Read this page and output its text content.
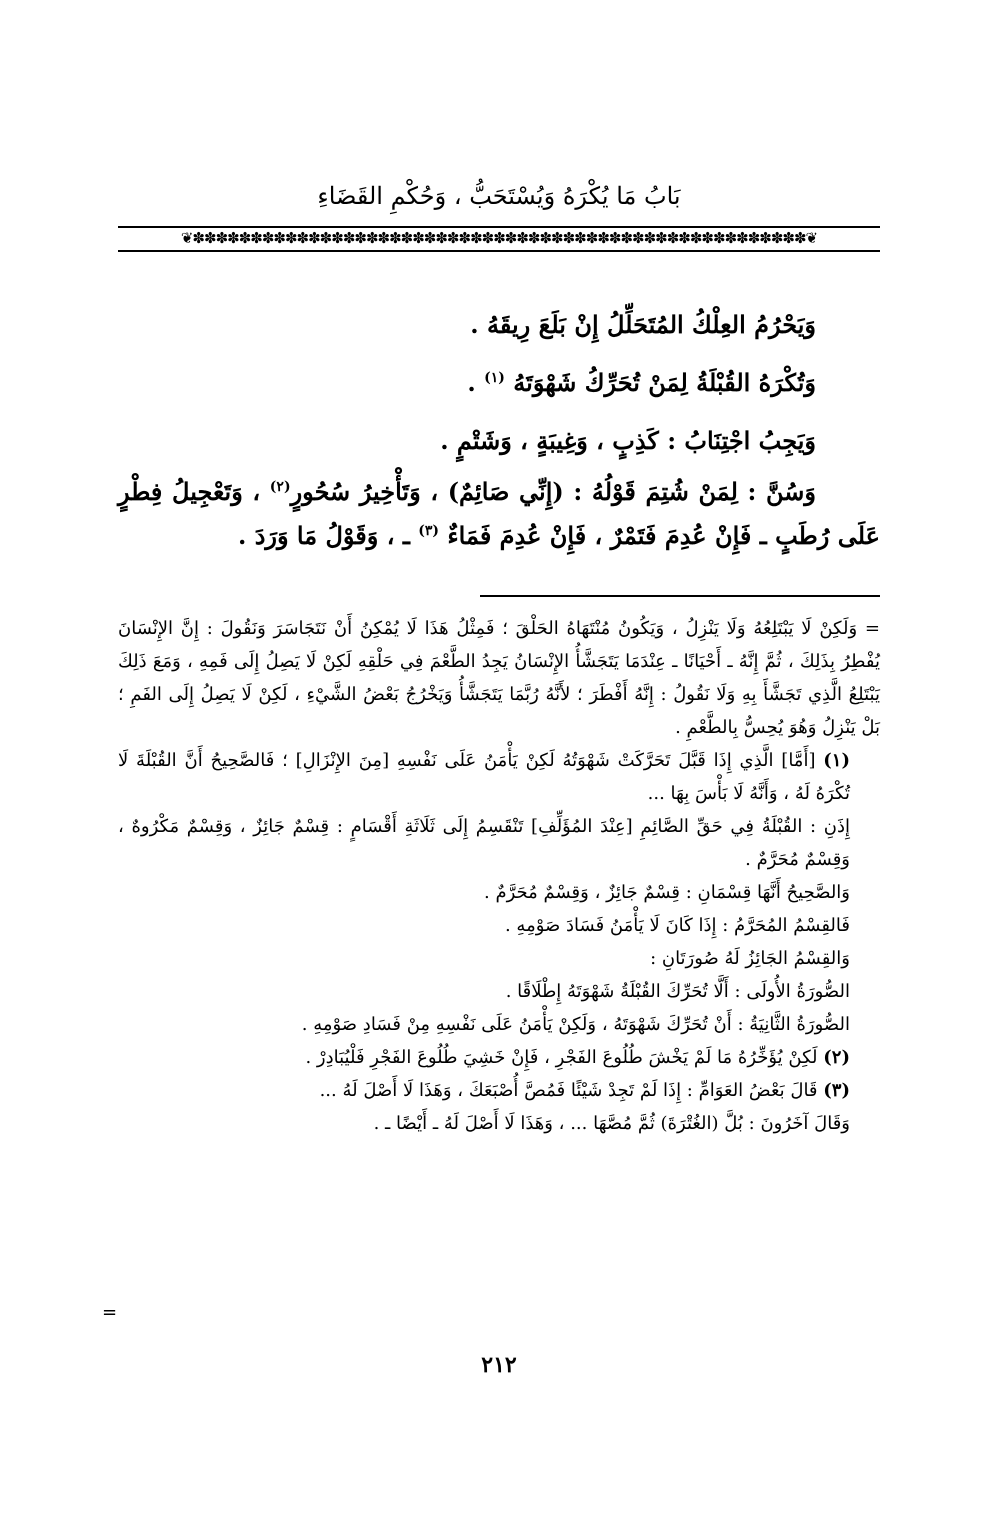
بَابُ مَا يُكْرَهُ وَيُسْتَحَبُّ ، وَحُكْمِ القَضَاءِ
❦✽✽✽✽✽✽✽✽✽✽✽✽✽✽✽✽✽✽✽✽✽✽✽✽✽✽✽✽✽✽✽✽✽✽✽✽✽✽✽✽✽✽✽✽✽✽✽✽✽✽✽✽✽❦

وَيَحْرُمُ العِلْكُ المُتَحَلِّلُ إِنْ بَلَعَ رِيقَهُ .

وَتُكْرَهُ القُبْلَةُ لِمَنْ تُحَرِّكُ شَهْوَتَهُ $^{(١)}$ .

وَيَجِبُ اجْتِنَابُ : كَذِبٍ ، وَغِيبَةٍ ، وَشَتْمٍ .

وَسُنَّ : لِمَنْ شُتِمَ قَوْلُهُ : (إِنِّي صَائِمٌ) ، وَتَأْخِيرُ سُحُورٍ$^{(٢)}$ ، وَتَعْجِيلُ فِطْرٍ عَلَى رُطَبٍ ـ فَإِنْ عُدِمَ فَتَمْرٌ ، فَإِنْ عُدِمَ فَمَاءٌ $^{(٣)}$ ـ ، وَقَوْلُ مَا وَرَدَ .

= وَلَكِنْ لَا يَبْتَلِعُهُ وَلَا يَنْزِلُ ، وَيَكُونُ مُنْتَهَاهُ الحَلْقَ ؛ فَمِثْلُ هَذَا لَا يُمْكِنُ أَنْ نَتَجَاسَرَ وَنَقُولَ : إِنَّ الإِنْسَانَ يُفْطِرُ بِذَلِكَ ، ثُمَّ إِنَّهُ ـ أَحْيَانًا ـ عِنْدَمَا يَتَجَشَّأُ الإِنْسَانُ يَجِدُ الطَّعْمَ فِي حَلْقِهِ لَكِنْ لَا يَصِلُ إِلَى فَمِهِ ، وَمَعَ ذَلِكَ يَبْتَلِعُ الَّذِي تَجَشَّأَ بِهِ وَلَا نَقُولُ : إِنَّهُ أَفْطَرَ ؛ لأَنَّهُ رُبَّمَا يَتَجَشَّأُ وَيَخْرُجُ بَعْضُ الشَّيْءِ ، لَكِنْ لَا يَصِلُ إِلَى الفَمِ ؛ بَلْ يَنْزِلُ وَهُوَ يُحِسُّ بِالطَّعْمِ .

(١) [أَمَّا] الَّذِي إِذَا قَبَّلَ تَحَرَّكَتْ شَهْوَتُهُ لَكِنْ يَأْمَنُ عَلَى نَفْسِهِ [مِنَ الإِنْزَالِ] ؛ فَالصَّحِيحُ أَنَّ القُبْلَةَ لَا تُكْرَهُ لَهُ ، وَأَنَّهُ لَا بَأْسَ بِهَا ...

إِذَنِ : القُبْلَةُ فِي حَقِّ الصَّائِمِ [عِنْدَ المُؤَلِّفِ] تَنْقَسِمُ إِلَى ثَلَاثَةِ أَقْسَامٍ : قِسْمٌ جَائِزٌ ، وَقِسْمٌ مَكْرُوهٌ ، وَقِسْمٌ مُحَرَّمٌ .

وَالصَّحِيحُ أَنَّهَا قِسْمَانِ : قِسْمٌ جَائِزٌ ، وَقِسْمٌ مُحَرَّمٌ .

فَالقِسْمُ المُحَرَّمُ : إِذَا كَانَ لَا يَأْمَنُ فَسَادَ صَوْمِهِ .

وَالقِسْمُ الجَائِزُ لَهُ صُورَتَانِ :

الصُّورَةُ الأُولَى : أَلَّا تُحَرِّكَ القُبْلَةُ شَهْوَتَهُ إِطْلَاقًا .

الصُّورَةُ الثَّانِيَةُ : أَنْ تُحَرِّكَ شَهْوَتَهُ ، وَلَكِنْ يَأْمَنُ عَلَى نَفْسِهِ مِنْ فَسَادِ صَوْمِهِ .

(٢) لَكِنْ يُؤَخِّرُهُ مَا لَمْ يَخْشَ طُلُوعَ الفَجْرِ ، فَإِنْ خَشِيَ طُلُوعَ الفَجْرِ فَلْيُبَادِرْ .

(٣) قَالَ بَعْضُ العَوَامِّ : إِذَا لَمْ تَجِدْ شَيْئًا فَمُصَّ أُصْبَعَكَ ، وَهَذَا لَا أَصْلَ لَهُ ...

وَقَالَ آخَرُونَ : بُلَّ (الغُتْرَةَ) ثُمَّ مُصَّهَا ... ، وَهَذَا لَا أَصْلَ لَهُ ـ أَيْضًا ـ .

٢١٢
=
